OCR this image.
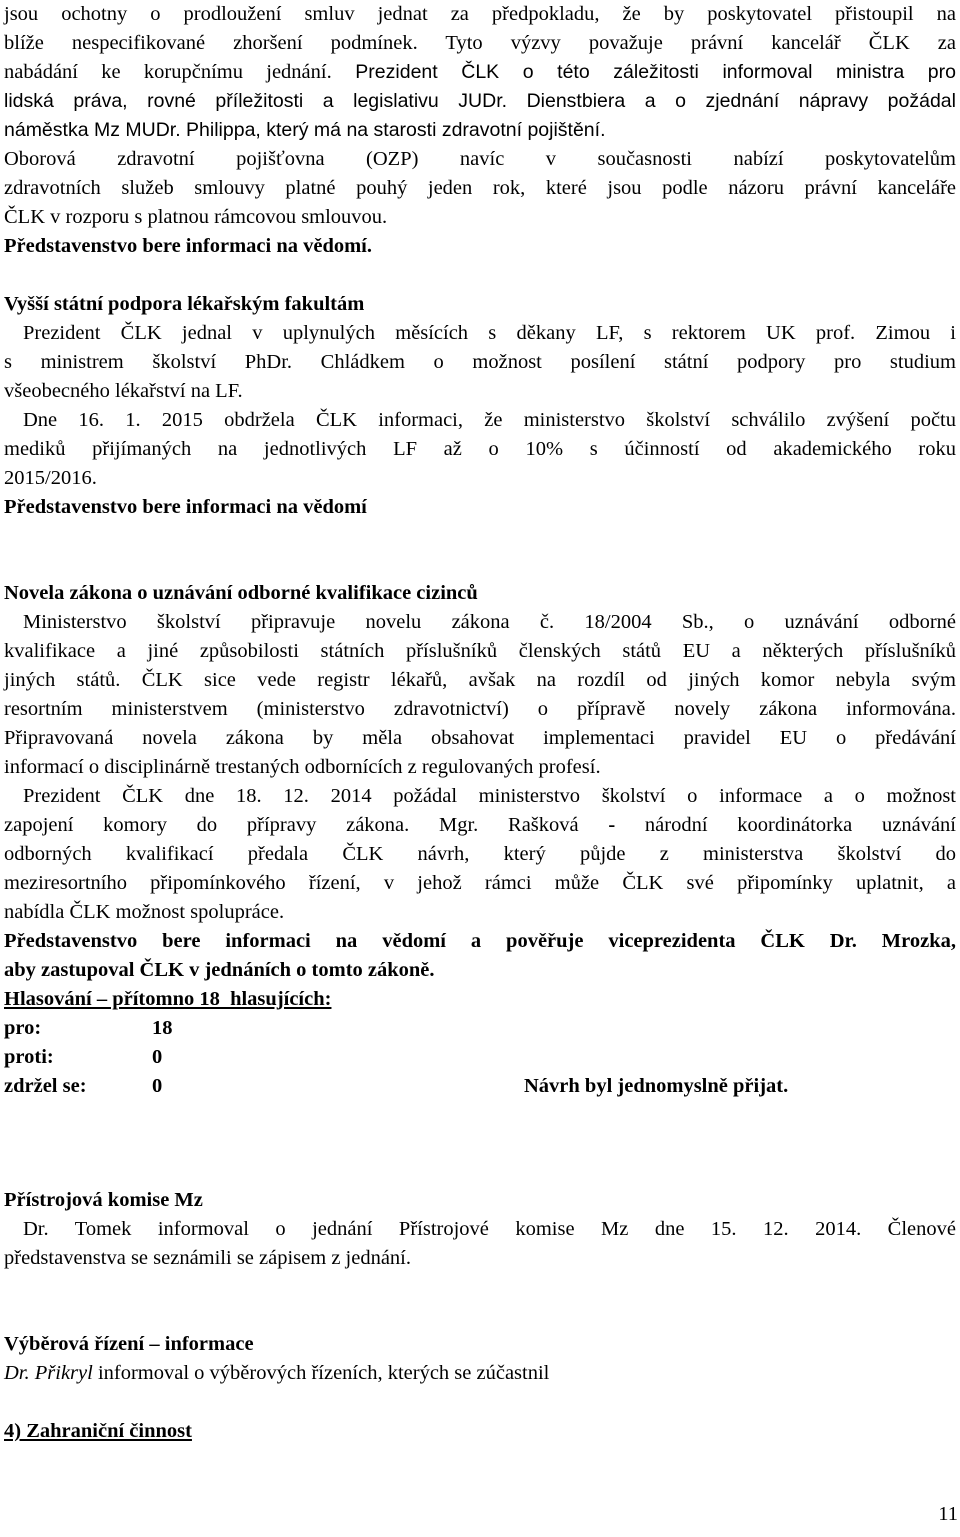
jsou ochotny o prodloužení smluv jednat za předpokladu, že by poskytovatel přistoupil na
blíže nespecifikované zhoršení podmínek. Tyto výzvy považuje právní kancelář ČLK za
nabádání ke korupčnímu jednání. Prezident ČLK o této záležitosti informoval ministra pro
lidská práva, rovné příležitosti a legislativu JUDr. Dienstbiera a o zjednání nápravy požádal
náměstka Mz MUDr. Philippa, který má na starosti zdravotní pojištění.
Oborová zdravotní pojišťovna (OZP) navíc v současnosti nabízí poskytovatelům
zdravotních služeb smlouvy platné pouhý jeden rok, které jsou podle názoru právní kanceláře
ČLK v rozporu s platnou rámcovou smlouvou.
Představenstvo bere informaci na vědomí.
Vyšší státní podpora lékařským fakultám
Prezident ČLK jednal v uplynulých měsících s děkany LF, s rektorem UK prof. Zimou i
s ministrem školství PhDr. Chládkem o možnost posílení státní podpory pro studium
všeobecného lékařství na LF.
Dne 16. 1. 2015 obdržela ČLK informaci, že ministerstvo školství schválilo zvýšení počtu
mediků přijímaných na jednotlivých LF až o 10% s účinností od akademického roku
2015/2016.
Představenstvo bere informaci na vědomí
Novela zákona o uznávání odborné kvalifikace cizinců
Ministerstvo školství připravuje novelu zákona č. 18/2004 Sb., o uznávání odborné
kvalifikace a jiné způsobilosti státních příslušníků členských států EU a některých příslušníků
jiných států. ČLK sice vede registr lékařů, avšak na rozdíl od jiných komor nebyla svým
resortním ministerstvem (ministerstvo zdravotnictví) o přípravě novely zákona informována.
Připravovaná novela zákona by měla obsahovat implementaci pravidel EU o předávání
informací o disciplinárně trestaných odbornících z regulovaných profesí.
Prezident ČLK dne 18. 12. 2014 požádal ministerstvo školství o informace a o možnost
zapojení komory do přípravy zákona. Mgr. Rašková - národní koordinátorka uznávání
odborných kvalifikací předala ČLK návrh, který půjde z ministerstva školství do
meziresortního připomínkového řízení, v jehož rámci může ČLK své připomínky uplatnit, a
nabídla ČLK možnost spolupráce.
Představenstvo bere informaci na vědomí a pověřuje viceprezidenta ČLK Dr. Mrozka,
aby zastupoval ČLK v jednáních o tomto zákoně.
Hlasování – přítomno 18  hlasujících:
pro:	18
proti:	0
zdržel se:	0	Návrh byl jednomyslně přijat.
Přístrojová komise Mz
Dr. Tomek informoval o jednání Přístrojové komise Mz dne 15. 12. 2014. Členové
představenstva se seznámili se zápisem z jednání.
Výběrová řízení – informace
Dr. Přikryl informoval o výběrových řízeních, kterých se zúčastnil
4) Zahraniční činnost
11
